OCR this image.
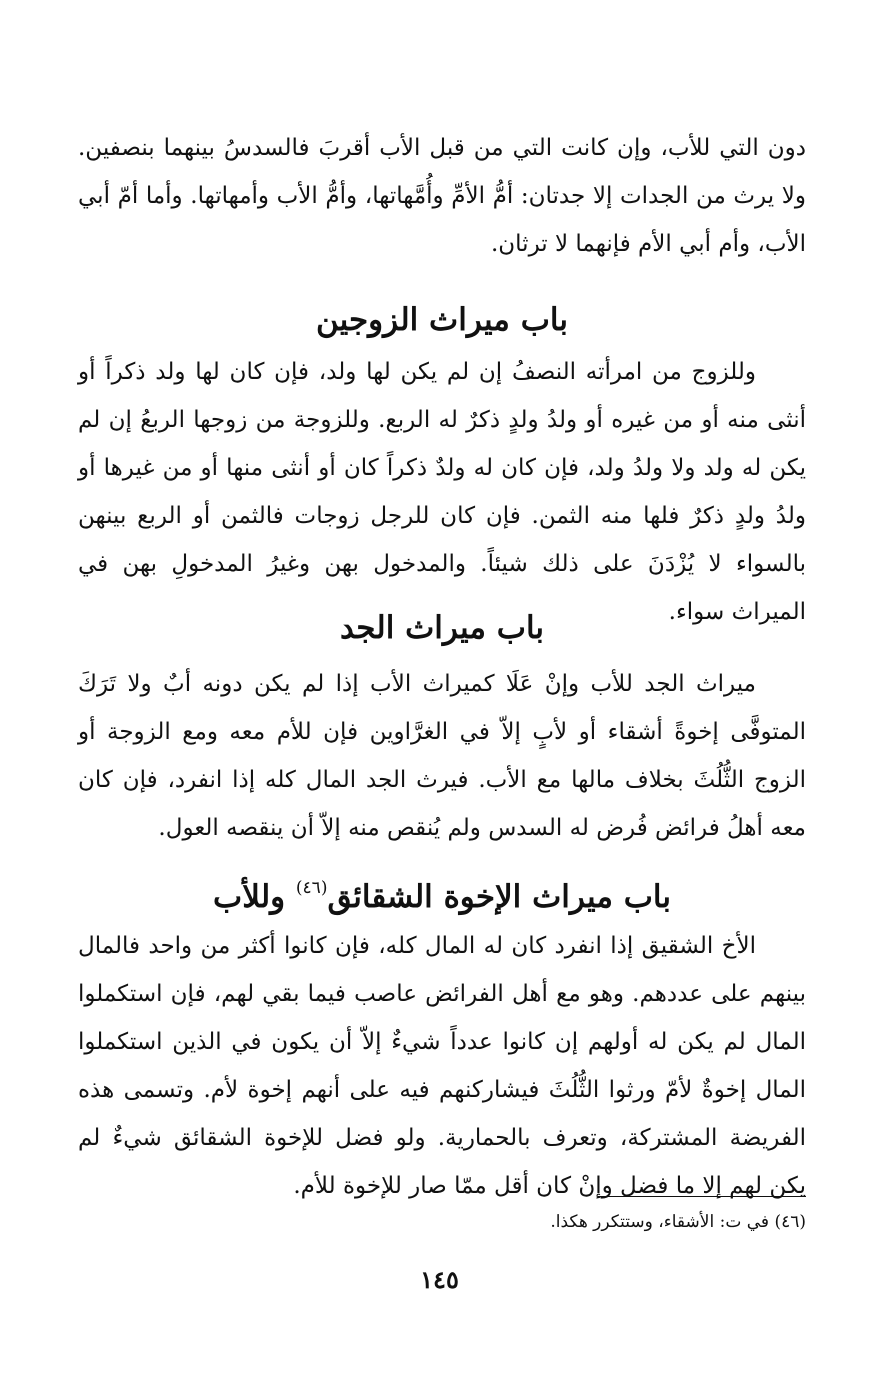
دون التي للأب، وإن كانت التي من قبل الأب أقربَ فالسدسُ بينهما بنصفين. ولا يرث من الجدات إلا جدتان: أمُّ الأمِّ وأُمَّهاتها، وأمُّ الأب وأمهاتها. وأما أمّ أبي الأب، وأم أبي الأم فإنهما لا ترثان.

باب ميراث الزوجين

وللزوج من امرأته النصفُ إن لم يكن لها ولد، فإن كان لها ولد ذكراً أو أنثى منه أو من غيره أو ولدُ ولدٍ ذكرٌ له الربع. وللزوجة من زوجها الربعُ إن لم يكن له ولد ولا ولدُ ولد، فإن كان له ولدٌ ذكراً كان أو أنثى منها أو من غيرها أو ولدُ ولدٍ ذكرٌ فلها منه الثمن. فإن كان للرجل زوجات فالثمن أو الربع بينهن بالسواء لا يُزْدَنَ على ذلك شيئاً. والمدخول بهن وغيرُ المدخولِ بهن في الميراث سواء.

باب ميراث الجد

ميراث الجد للأب وإنْ عَلَا كميراث الأب إذا لم يكن دونه أبٌ ولا تَرَكَ المتوفَّى إخوةً أشقاء أو لأبٍ إلاّ في الغرَّاوين فإن للأم معه ومع الزوجة أو الزوج الثُّلُثَ بخلاف مالها مع الأب. فيرث الجد المال كله إذا انفرد، فإن كان معه أهلُ فرائض فُرض له السدس ولم يُنقص منه إلاّ أن ينقصه العول.

باب ميراث الإخوة الشقائق$^{(٤٦)}$ وللأب

الأخ الشقيق إذا انفرد كان له المال كله، فإن كانوا أكثر من واحد فالمال بينهم على عددهم. وهو مع أهل الفرائض عاصب فيما بقي لهم، فإن استكملوا المال لم يكن له أولهم إن كانوا عدداً شيءٌ إلاّ أن يكون في الذين استكملوا المال إخوةٌ لأمّ ورثوا الثُّلُثَ فيشاركنهم فيه على أنهم إخوة لأم. وتسمى هذه الفريضة المشتركة، وتعرف بالحمارية. ولو فضل للإخوة الشقائق شيءٌ لم يكن لهم إلا ما فضل وإنْ كان أقل ممّا صار للإخوة للأم.

(٤٦) في ت: الأشقاء، وستتكرر هكذا.
١٤٥
